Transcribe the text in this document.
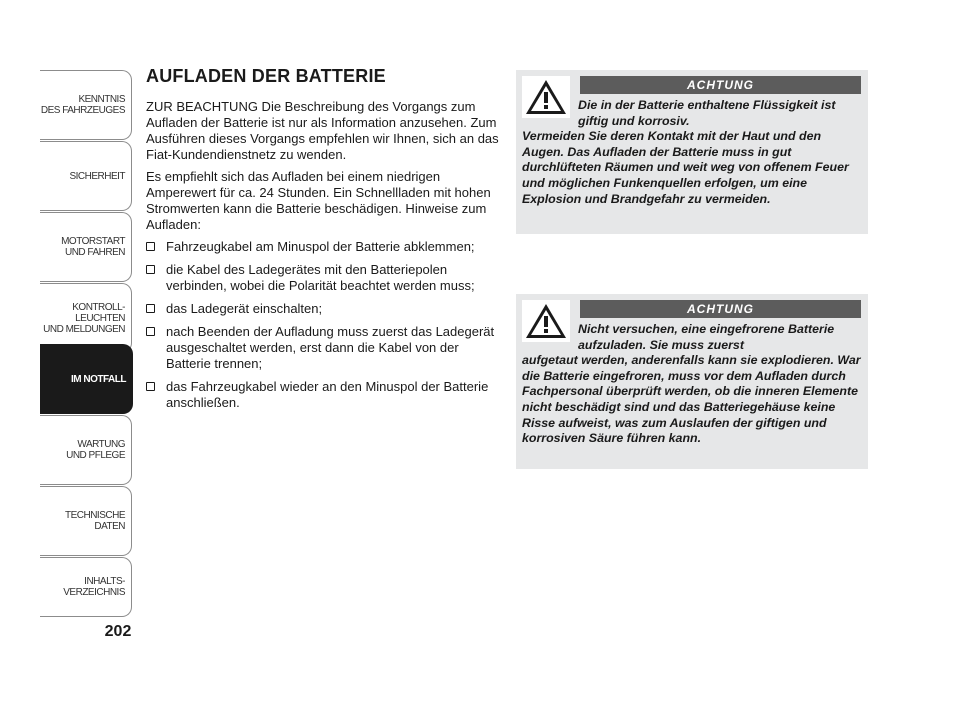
KENNTNIS
DES FAHRZEUGES
SICHERHEIT
MOTORSTART
UND FAHREN
KONTROLL-
LEUCHTEN
UND MELDUNGEN
IM NOTFALL
WARTUNG
UND PFLEGE
TECHNISCHE
DATEN
INHALTS-
VERZEICHNIS
202
AUFLADEN DER BATTERIE

ZUR BEACHTUNG Die Beschreibung des Vorgangs zum Aufladen der Batterie ist nur als Information anzusehen. Zum Ausführen dieses Vorgangs empfehlen wir Ihnen, sich an das Fiat-Kundendienstnetz zu wenden.

Es empfiehlt sich das Aufladen bei einem niedrigen Amperewert für ca. 24 Stunden. Ein Schnellladen mit hohen Stromwerten kann die Batterie beschädigen. Hinweise zum Aufladen:

Fahrzeugkabel am Minuspol der Batterie abklemmen;
die Kabel des Ladegerätes mit den Batteriepolen verbinden, wobei die Polarität beachtet werden muss;
das Ladegerät einschalten;
nach Beenden der Aufladung muss zuerst das Ladegerät ausgeschaltet werden, erst dann die Kabel von der Batterie trennen;
das Fahrzeugkabel wieder an den Minuspol der Batterie anschließen.
ACHTUNG

Die in der Batterie enthaltene Flüssigkeit ist giftig und korrosiv.
Vermeiden Sie deren Kontakt mit der Haut und den Augen. Das Aufladen der Batterie muss in gut durchlüfteten Räumen und weit weg von offenem Feuer und möglichen Funkenquellen erfolgen, um eine Explosion und Brandgefahr zu vermeiden.

ACHTUNG

Nicht versuchen, eine eingefrorene Batterie aufzuladen. Sie muss zuerst
aufgetaut werden, anderenfalls kann sie explodieren. War die Batterie eingefroren, muss vor dem Aufladen durch Fachpersonal überprüft werden, ob die inneren Elemente nicht beschädigt sind und das Batteriegehäuse keine Risse aufweist, was zum Auslaufen der giftigen und korrosiven Säure führen kann.
